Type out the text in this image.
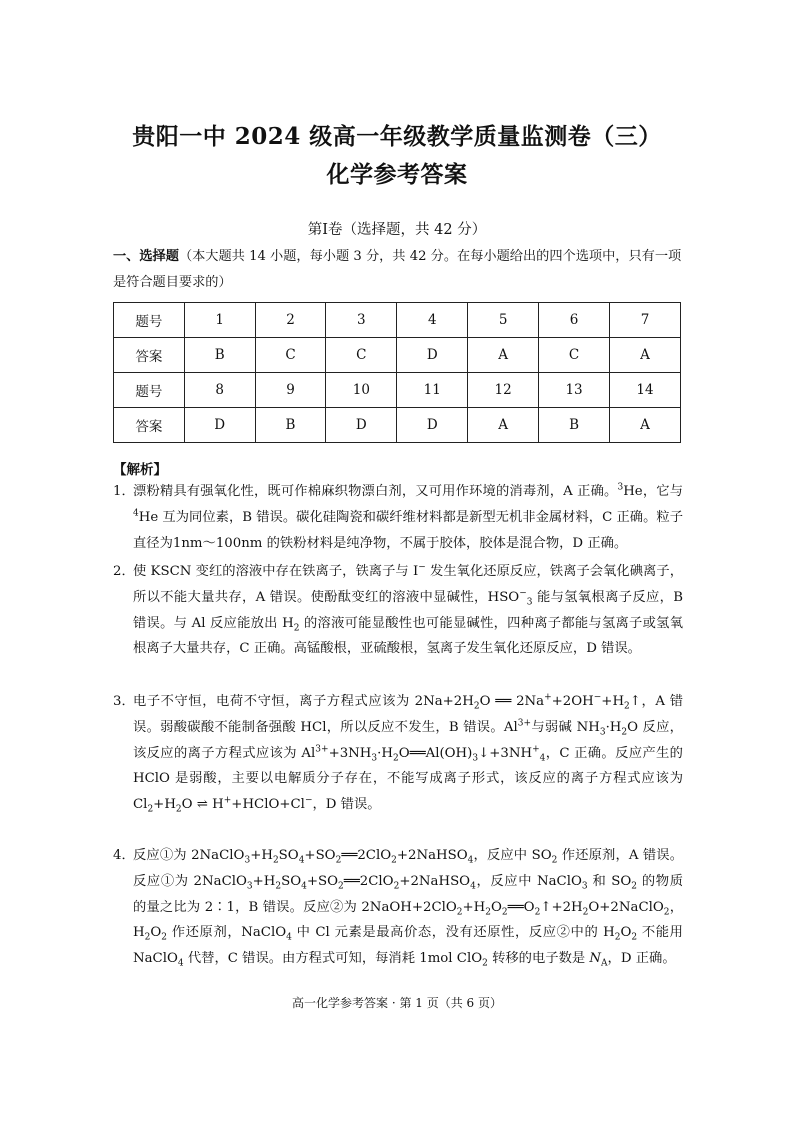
贵阳一中 2024 级高一年级教学质量监测卷（三）
化学参考答案
第Ⅰ卷（选择题，共 42 分）
一、选择题（本大题共 14 小题，每小题 3 分，共 42 分。在每小题给出的四个选项中，只有一项是符合题目要求的）
题号	1	2	3	4	5	6	7
答案	B	C	C	D	A	C	A
题号	8	9	10	11	12	13	14
答案	D	B	D	D	A	B	A
【解析】
1．
漂粉精具有强氧化性，既可作棉麻织物漂白剂，又可用作环境的消毒剂，A 正确。$^3$He，它与$^4$He 互为同位素，B 错误。碳化硅陶瓷和碳纤维材料都是新型无机非金属材料，C 正确。粒子直径为1nm～100nm 的铁粉材料是纯净物，不属于胶体，胶体是混合物，D 正确。
2．
使 KSCN 变红的溶液中存在铁离子，铁离子与 I− 发生氧化还原反应，铁离子会氧化碘离子，所以不能大量共存，A 错误。使酚酞变红的溶液中显碱性，$HSO^-_3$ 能与氢氧根离子反应，B 错误。与 Al 反应能放出 $H_2$ 的溶液可能显酸性也可能显碱性，四种离子都能与氢离子或氢氧根离子大量共存，C 正确。高锰酸根，亚硫酸根，氢离子发生氧化还原反应，D 错误。
3．
电子不守恒，电荷不守恒，离子方程式应该为 $2Na+2H_2O$ ══ $2Na^++2OH^-+H_2↑$，A 错误。弱酸碳酸不能制备强酸 HCl，所以反应不发生，B 错误。$Al^{3+}$与弱碱 $NH_3\cdot H_2O$ 反应，该反应的离子方程式应该为 $Al^{3+}+3NH_3\cdot H_2O══Al(OH)_3↓+3NH^+_4$，C 正确。反应产生的 HClO 是弱酸，主要以电解质分子存在，不能写成离子形式，该反应的离子方程式应该为 $Cl_2+H_2O$ ⇌ H++HClO+Cl−，D 错误。
4．
反应①为 $2NaClO_3+H_2SO_4+SO_2══2ClO_2+2NaHSO_4$，反应中 $SO_2$ 作还原剂，A 错误。反应①为 $2NaClO_3+H_2SO_4+SO_2══2ClO_2+2NaHSO_4$，反应中 NaClO$_3$ 和 $SO_2$ 的物质的量之比为 2∶1，B 错误。反应②为 $2NaOH+2ClO_2+H_2O_2══O_2↑+2H_2O+2NaClO_2$，$H_2O_2$ 作还原剂，NaClO$_4$ 中 Cl 元素是最高价态，没有还原性，反应②中的 $H_2O_2$ 不能用 NaClO$_4$ 代替，C 错误。由方程式可知，每消耗 1mol ClO$_2$ 转移的电子数是 $N_A$，D 正确。
高一化学参考答案 · 第 1 页（共 6 页）
